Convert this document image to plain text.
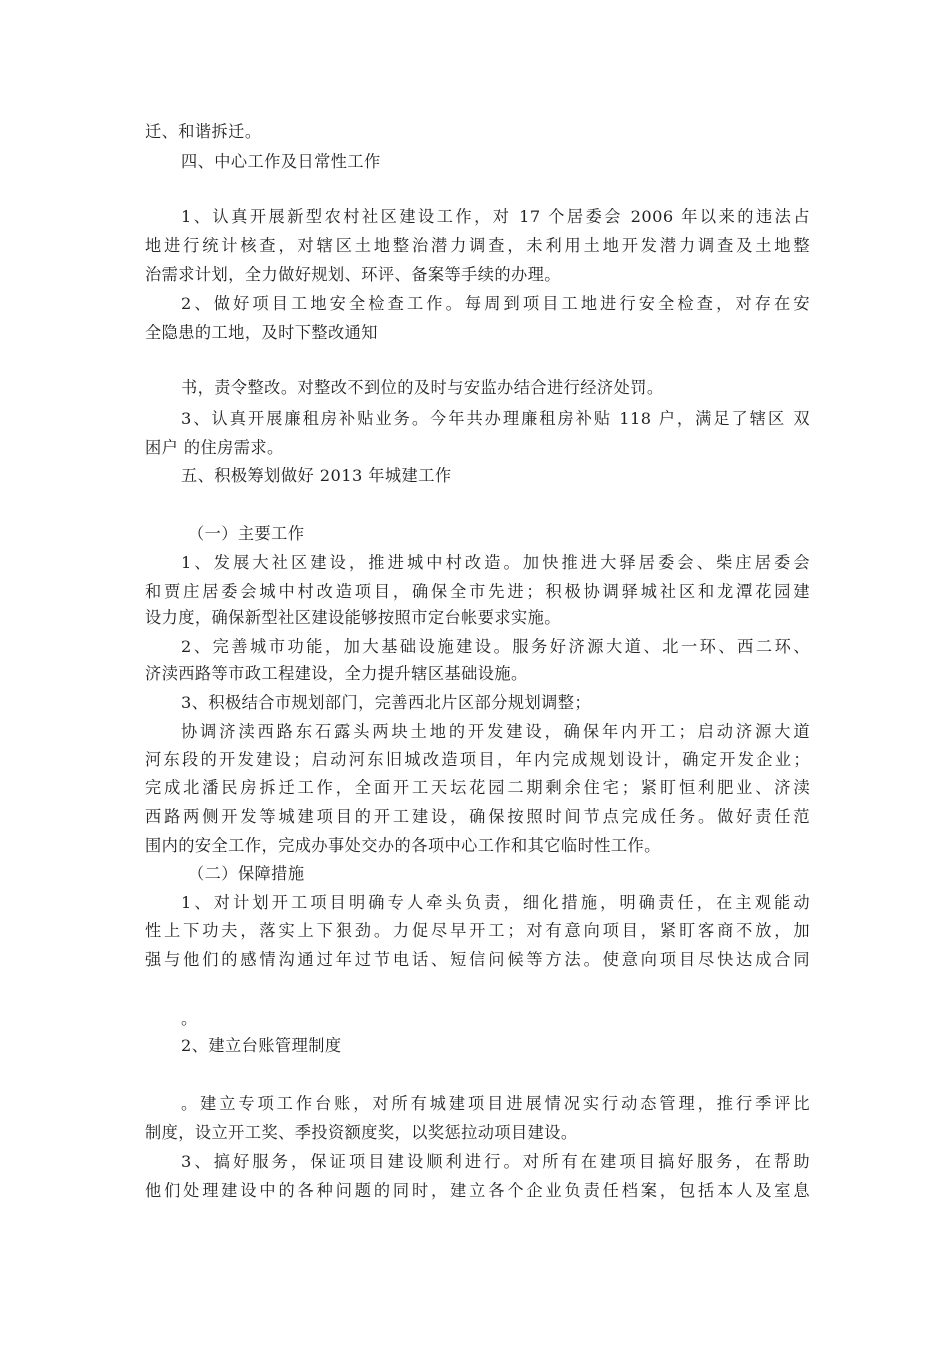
迁、和谐拆迁。
四、中心工作及日常性工作
1、认真开展新型农村社区建设工作，对 17 个居委会 2006 年以来的违法占
地进行统计核查，对辖区土地整治潜力调查，未利用土地开发潜力调查及土地整
治需求计划，全力做好规划、环评、备案等手续的办理。
2、做好项目工地安全检查工作。每周到项目工地进行安全检查，对存在安
全隐患的工地，及时下整改通知
书，责令整改。对整改不到位的及时与安监办结合进行经济处罚。
3、认真开展廉租房补贴业务。今年共办理廉租房补贴 118 户，满足了辖区 双
困户 的住房需求。
五、积极筹划做好 2013 年城建工作
（一）主要工作
1、发展大社区建设，推进城中村改造。加快推进大驿居委会、柴庄居委会
和贾庄居委会城中村改造项目，确保全市先进；积极协调驿城社区和龙潭花园建
设力度，确保新型社区建设能够按照市定台帐要求实施。
2、完善城市功能，加大基础设施建设。服务好济源大道、北一环、西二环、
济渎西路等市政工程建设，全力提升辖区基础设施。
3、积极结合市规划部门，完善西北片区部分规划调整；
协调济渎西路东石露头两块土地的开发建设，确保年内开工；启动济源大道
河东段的开发建设；启动河东旧城改造项目，年内完成规划设计，确定开发企业；
完成北潘民房拆迁工作，全面开工天坛花园二期剩余住宅；紧盯恒利肥业、济渎
西路两侧开发等城建项目的开工建设，确保按照时间节点完成任务。做好责任范
围内的安全工作，完成办事处交办的各项中心工作和其它临时性工作。
（二）保障措施
1、对计划开工项目明确专人牵头负责，细化措施，明确责任，在主观能动
性上下功夫，落实上下狠劲。力促尽早开工；对有意向项目，紧盯客商不放，加
强与他们的感情沟通过年过节电话、短信问候等方法。使意向项目尽快达成合同
。
2、建立台账管理制度
。建立专项工作台账，对所有城建项目进展情况实行动态管理，推行季评比
制度，设立开工奖、季投资额度奖，以奖惩拉动项目建设。
3、搞好服务，保证项目建设顺利进行。对所有在建项目搞好服务，在帮助
他们处理建设中的各种问题的同时，建立各个企业负责任档案，包括本人及室息
